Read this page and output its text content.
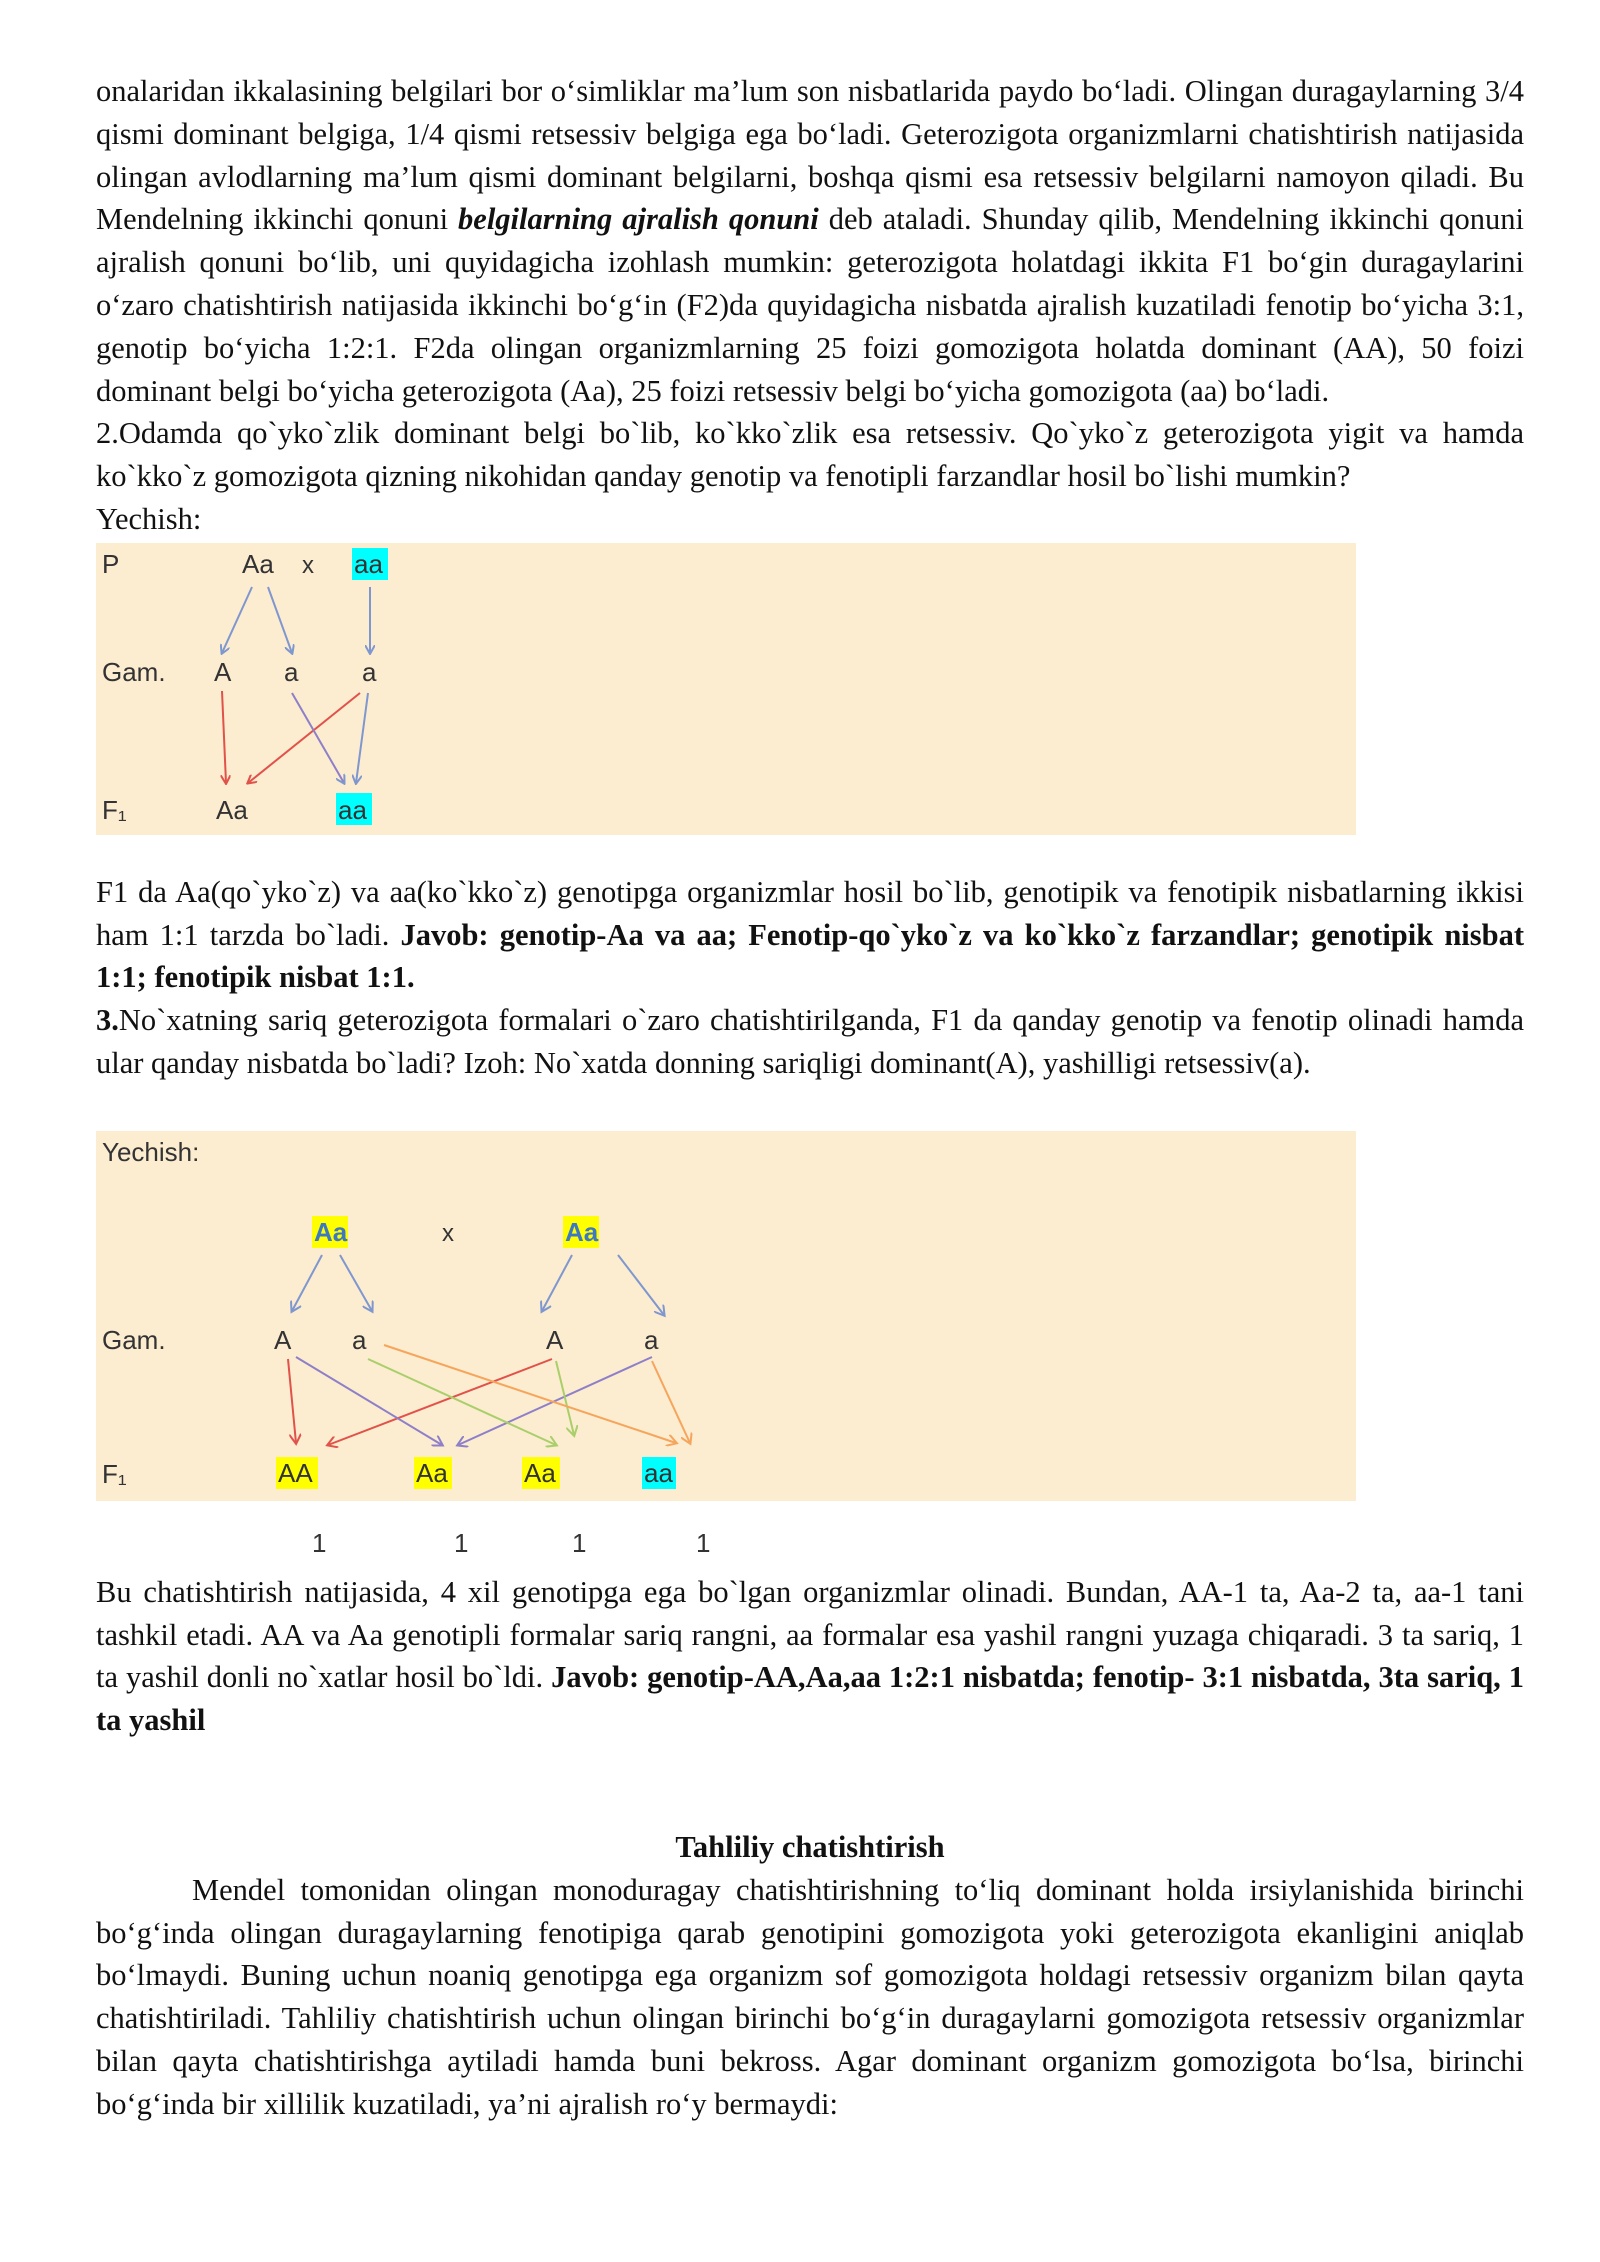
onalaridan ikkalasining belgilari bor o‘simliklar ma’lum son nisbatlarida paydo bo‘ladi. Olingan duragaylarning 3/4 qismi dominant belgiga, 1/4 qismi retsessiv belgiga ega bo‘ladi. Geterozigota organizmlarni chatishtirish natijasida olingan avlodlarning ma’lum qismi dominant belgilarni, boshqa qismi esa retsessiv belgilarni namoyon qiladi. Bu Mendelning ikkinchi qonuni belgilarning ajralish qonuni deb ataladi. Shunday qilib, Mendelning ikkinchi qonuni ajralish qonuni bo‘lib, uni quyidagicha izohlash mumkin: geterozigota holatdagi ikkita F1 bo‘gin duragaylarini o‘zaro chatishtirish natijasida ikkinchi bo‘g‘in (F2)da quyidagicha nisbatda ajralish kuzatiladi fenotip bo‘yicha 3:1, genotip bo‘yicha 1:2:1. F2da olingan organizmlarning 25 foizi gomozigota holatda dominant (AA), 50 foizi dominant belgi bo‘yicha geterozigota (Aa), 25 foizi retsessiv belgi bo‘yicha gomozigota (aa) bo‘ladi.

2.Odamda qo`yko`zlik dominant belgi bo`lib, ko`kko`zlik esa retsessiv. Qo`yko`z geterozigota yigit va hamda ko`kko`z gomozigota qizning nikohidan qanday genotip va fenotipli farzandlar hosil bo`lishi mumkin?

Yechish:

P
Gam.
F₁
Aa x aa
A a a
Aa	aa

F1 da Aa(qo`yko`z) va aa(ko`kko`z) genotipga organizmlar hosil bo`lib, genotipik va fenotipik nisbatlarning ikkisi ham 1:1 tarzda bo`ladi. Javob: genotip-Aa va aa; Fenotip-qo`yko`z va ko`kko`z farzandlar; genotipik nisbat 1:1; fenotipik nisbat 1:1.

3.No`xatning sariq geterozigota formalari o`zaro chatishtirilganda, F1 da qanday genotip va fenotip olinadi hamda ular qanday nisbatda bo`ladi? Izoh: No`xatda donning sariqligi dominant(A), yashilligi retsessiv(a).

Yechish:
Gam.
F₁
Aa	x	Aa
A a	A	a
AA	Aa	Aa	aa
1	1	1	1

Bu chatishtirish natijasida, 4 xil genotipga ega bo`lgan organizmlar olinadi. Bundan, AA-1 ta, Aa-2 ta, aa-1 tani tashkil etadi. AA va Aa genotipli formalar sariq rangni, aa formalar esa yashil rangni yuzaga chiqaradi. 3 ta sariq, 1 ta yashil donli no`xatlar hosil bo`ldi. Javob: genotip-AA,Aa,aa 1:2:1 nisbatda; fenotip- 3:1 nisbatda, 3ta sariq, 1 ta yashil

Tahliliy chatishtirish

Mendel tomonidan olingan monoduragay chatishtirishning to‘liq dominant holda irsiylanishida birinchi bo‘g‘inda olingan duragaylarning fenotipiga qarab genotipini gomozigota yoki geterozigota ekanligini aniqlab bo‘lmaydi. Buning uchun noaniq genotipga ega organizm sof gomozigota holdagi retsessiv organizm bilan qayta chatishtiriladi. Tahliliy chatishtirish uchun olingan birinchi bo‘g‘in duragaylarni gomozigota retsessiv organizmlar bilan qayta chatishtirishga aytiladi hamda buni bekross. Agar dominant organizm gomozigota bo‘lsa, birinchi bo‘g‘inda bir xillilik kuzatiladi, ya’ni ajralish ro‘y bermaydi:
